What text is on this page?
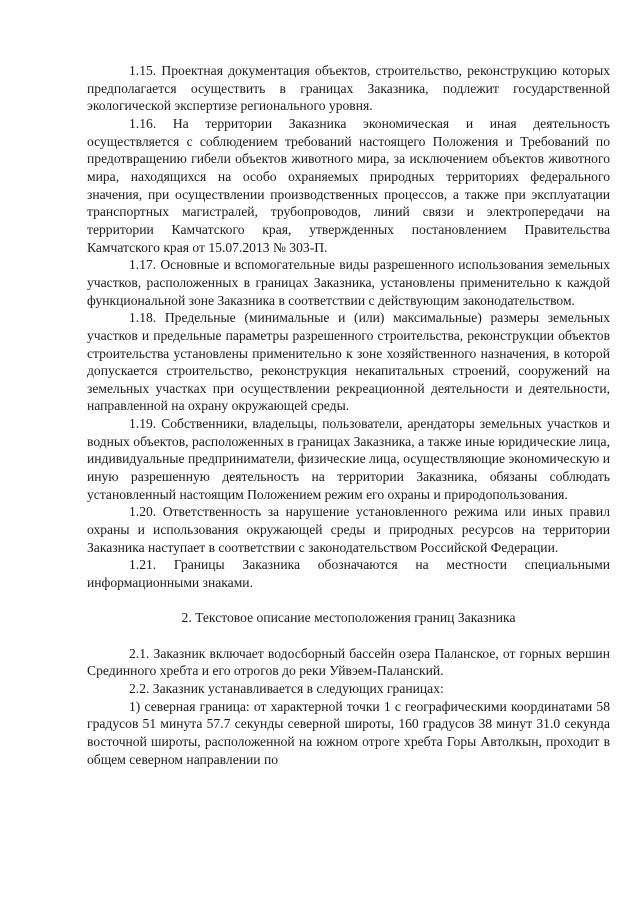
1.15. Проектная документация объектов, строительство, реконструкцию которых предполагается осуществить в границах Заказника, подлежит государственной экологической экспертизе регионального уровня.

1.16. На территории Заказника экономическая и иная деятельность осуществляется с соблюдением требований настоящего Положения и Требований по предотвращению гибели объектов животного мира, за исключением объектов животного мира, находящихся на особо охраняемых природных территориях федерального значения, при осуществлении производственных процессов, а также при эксплуатации транспортных магистралей, трубопроводов, линий связи и электропередачи на территории Камчатского края, утвержденных постановлением Правительства Камчатского края от 15.07.2013 № 303-П.

1.17. Основные и вспомогательные виды разрешенного использования земельных участков, расположенных в границах Заказника, установлены применительно к каждой функциональной зоне Заказника в соответствии с действующим законодательством.

1.18. Предельные (минимальные и (или) максимальные) размеры земельных участков и предельные параметры разрешенного строительства, реконструкции объектов строительства установлены применительно к зоне хозяйственного назначения, в которой допускается строительство, реконструкция некапитальных строений, сооружений на земельных участках при осуществлении рекреационной деятельности и деятельности, направленной на охрану окружающей среды.

1.19. Собственники, владельцы, пользователи, арендаторы земельных участков и водных объектов, расположенных в границах Заказника, а также иные юридические лица, индивидуальные предприниматели, физические лица, осуществляющие экономическую и иную разрешенную деятельность на территории Заказника, обязаны соблюдать установленный настоящим Положением режим его охраны и природопользования.

1.20. Ответственность за нарушение установленного режима или иных правил охраны и использования окружающей среды и природных ресурсов на территории Заказника наступает в соответствии с законодательством Российской Федерации.

1.21. Границы Заказника обозначаются на местности специальными информационными знаками.

2. Текстовое описание местоположения границ Заказника

2.1. Заказник включает водосборный бассейн озера Паланское, от горных вершин Срединного хребта и его отрогов до реки Уйвэем-Паланский.

2.2. Заказник устанавливается в следующих границах:

1) северная граница: от характерной точки 1 с географическими координатами 58 градусов 51 минута 57.7 секунды северной широты, 160 градусов 38 минут 31.0 секунда восточной широты, расположенной на южном отроге хребта Горы Автолкын, проходит в общем северном направлении по
